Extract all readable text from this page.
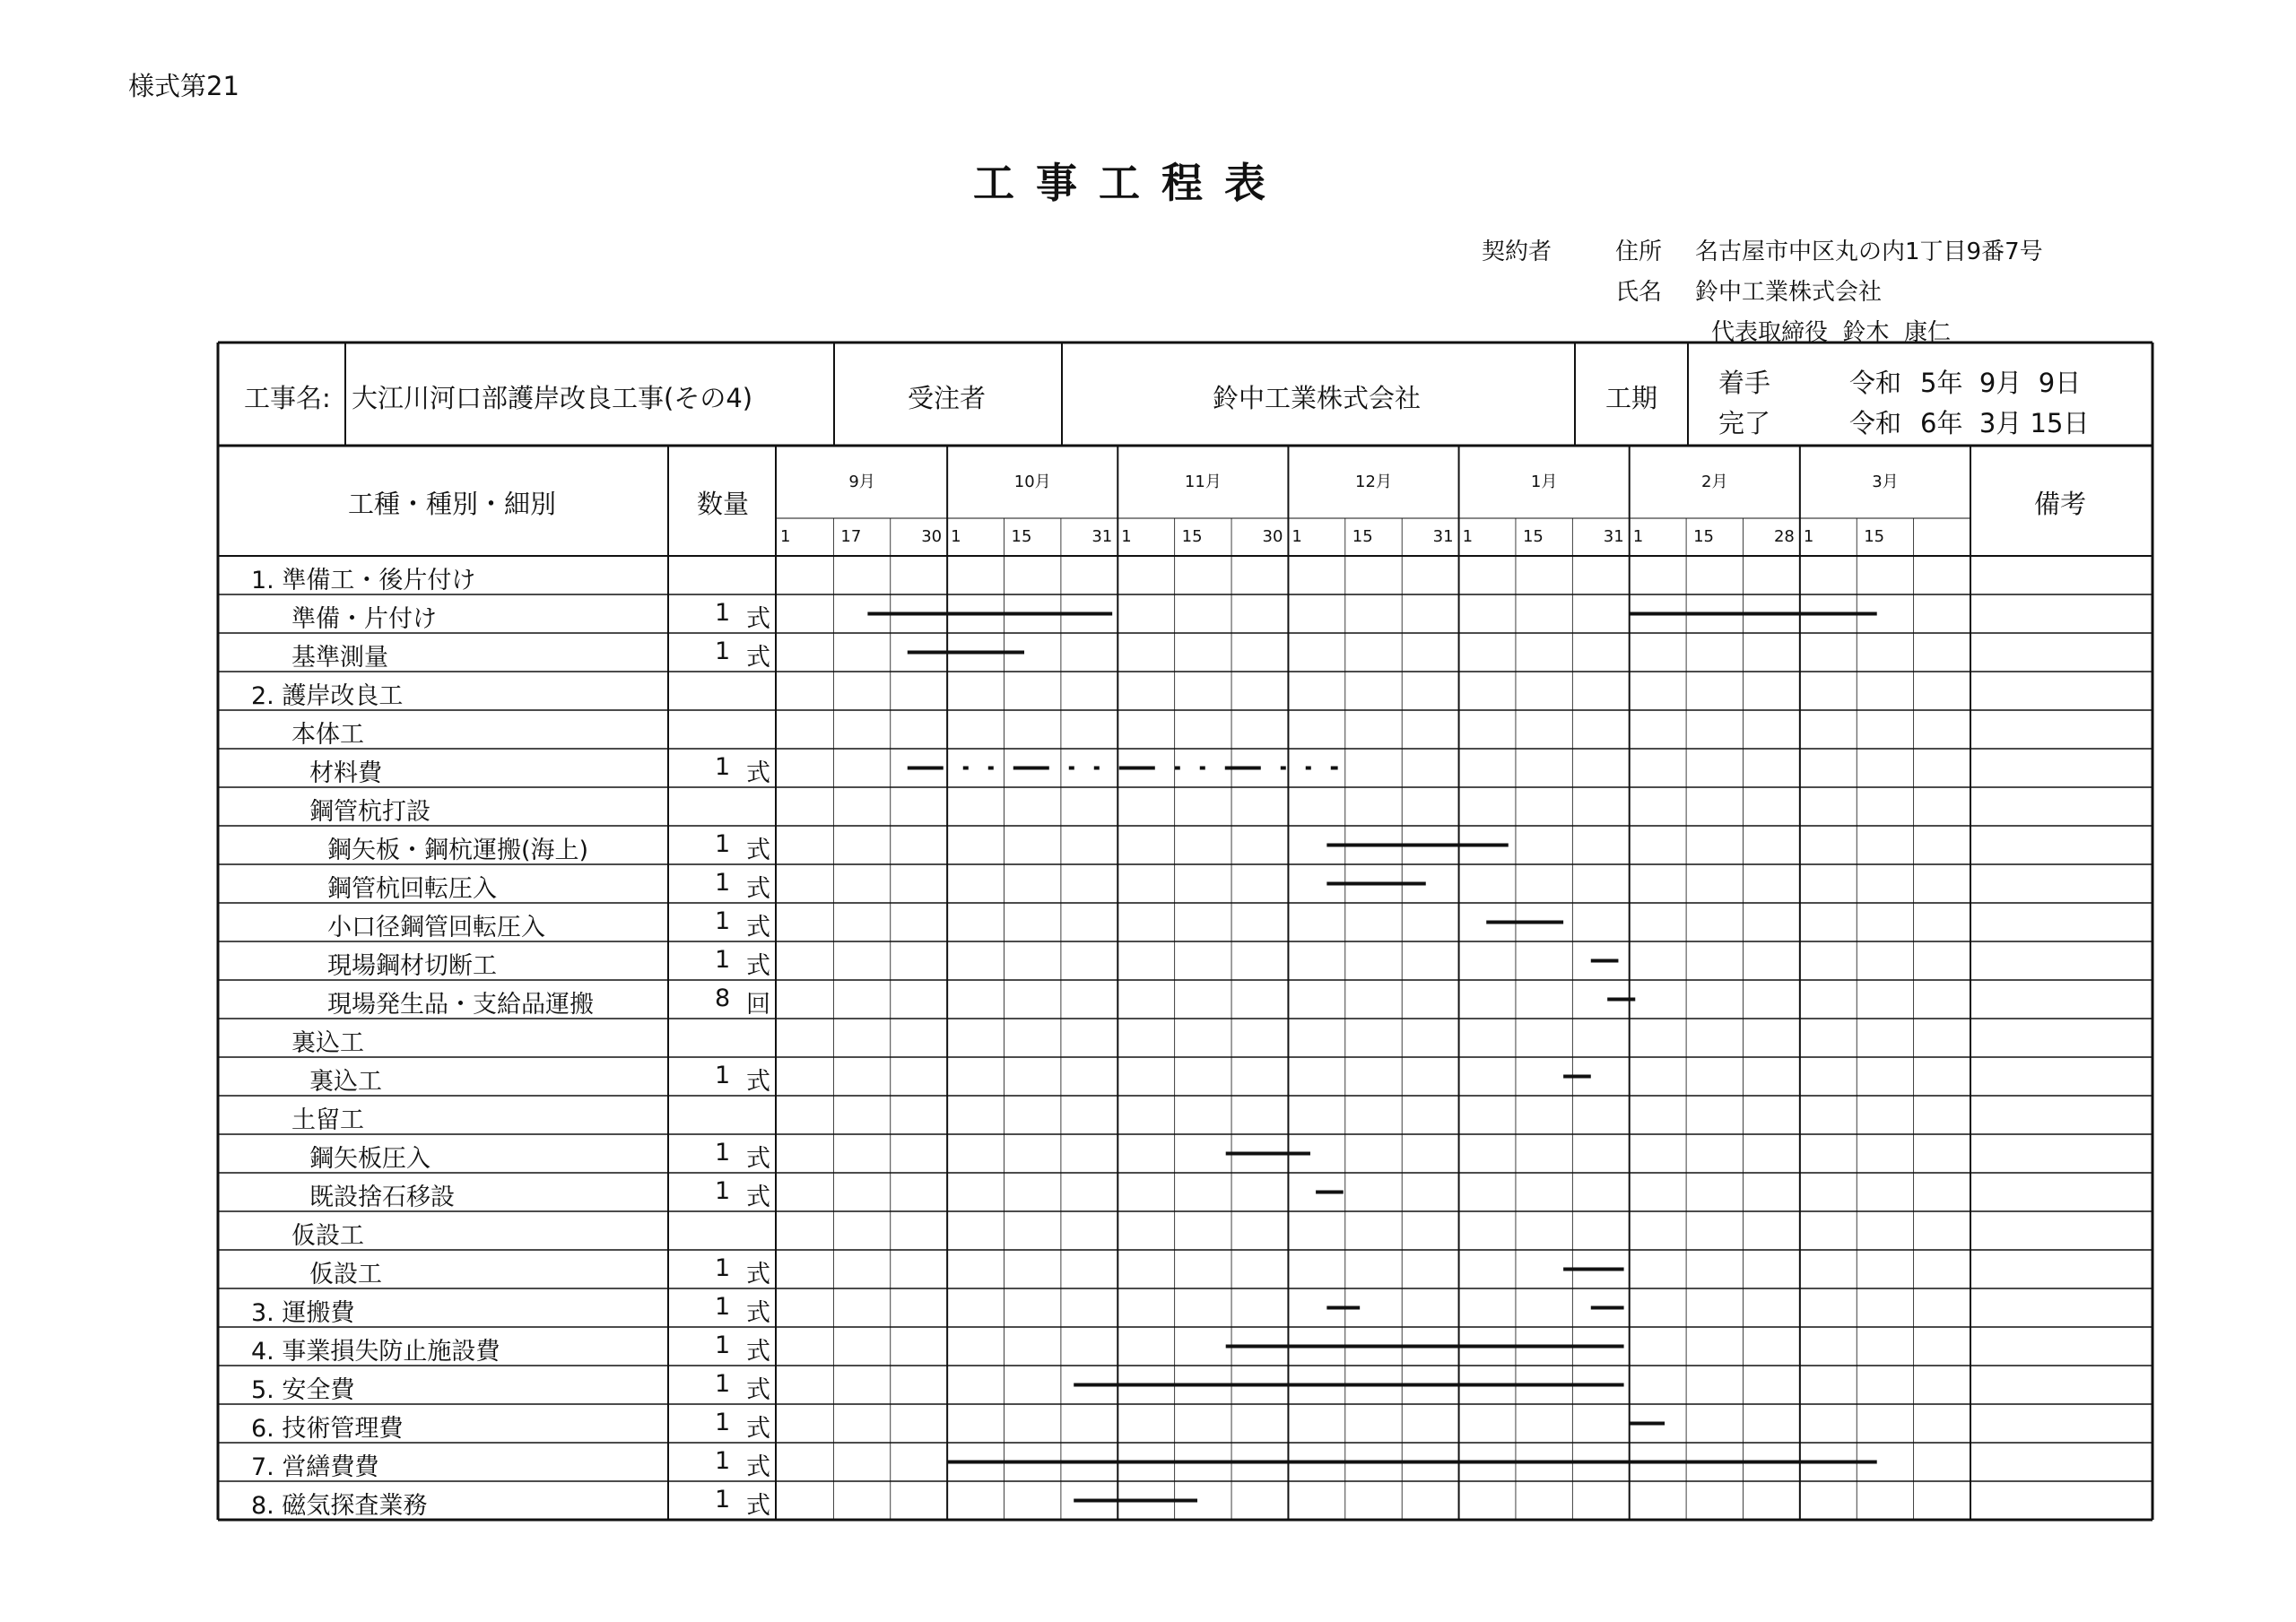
様式第21
工事工程表
契約者	住所 名古屋市中区丸の内1丁目9番7号
氏名 鈴中工業株式会社
代表取締役  鈴木  康仁
工事名: 大江川河口部護岸改良工事(その4)	受注者	鈴中工業株式会社	工期 着手	令和 5年  9月  9日
完了	令和 6年  3月 15日
工種・種別・細別	数量	備考
9月
1	17	30
10月
1	15	31
11月
1	15	30
12月
1	15	31
1月
1	15	31
2月
1	15	28
3月
1	15
1. 準備工・後片付け
準備・片付け	1 式
基準測量	1 式
2. 護岸改良工
本体工
材料費	1 式
鋼管杭打設
鋼矢板・鋼杭運搬(海上)	1 式
鋼管杭回転圧入	1 式
小口径鋼管回転圧入	1 式
現場鋼材切断工	1 式
現場発生品・支給品運搬	8 回
裏込工
裏込工	1 式
土留工
鋼矢板圧入	1 式
既設捨石移設	1 式
仮設工
仮設工	1 式
3. 運搬費	1 式
4. 事業損失防止施設費	1 式
5. 安全費	1 式
6. 技術管理費	1 式
7. 営繕費費	1 式
8. 磁気探査業務	1 式
